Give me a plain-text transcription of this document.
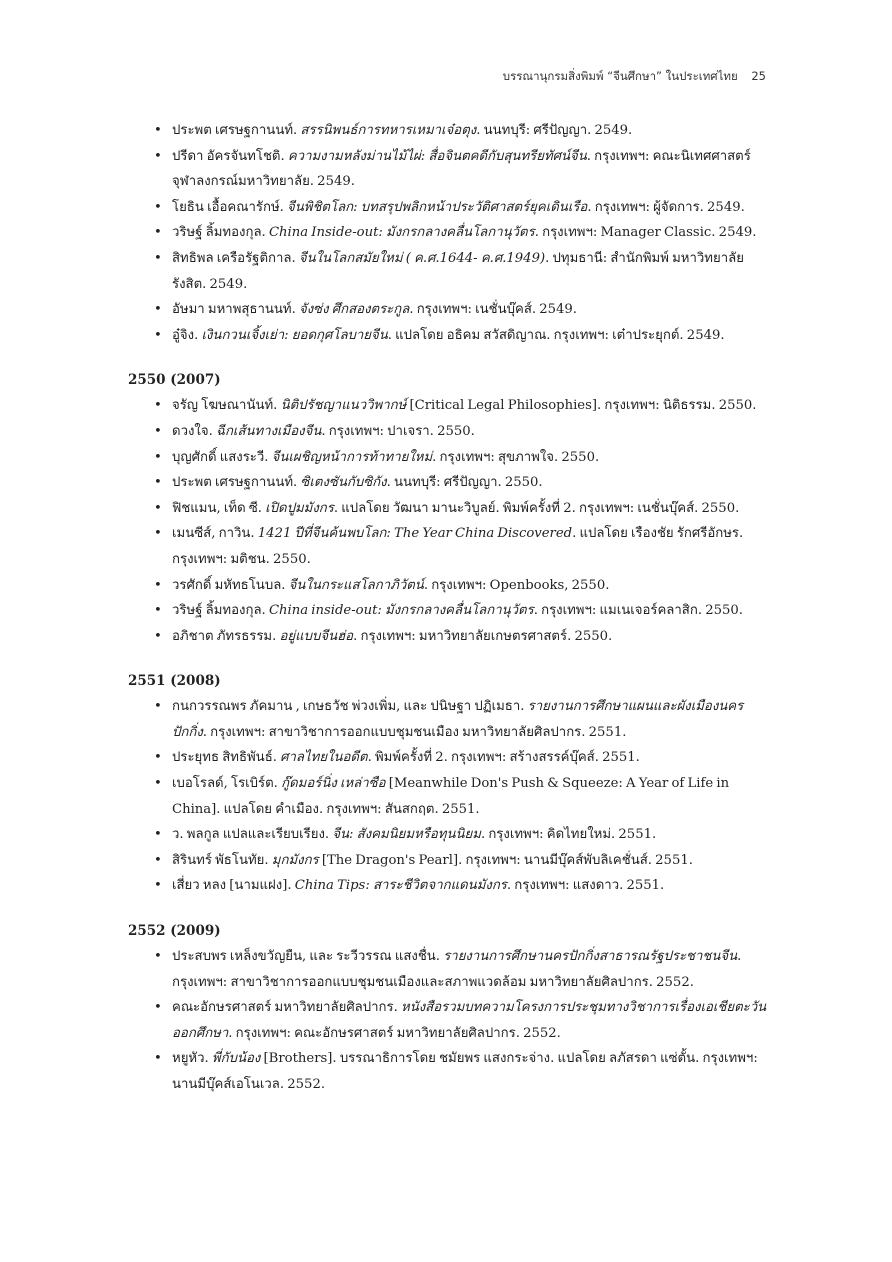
บรรณานุกรมสิ่งพิมพ์ “จีนศึกษา” ในประเทศไทย 25
• ประพต เศรษฐกานนท์. สรรนิพนธ์การทหารเหมาเจ๋อตุง. นนทบุรี: ศรีปัญญา. 2549.
• ปรีดา อัครจันทโชติ. ความงามหลังม่านไม้ไผ่: สื่อจินตคดีกับสุนทรียทัศน์จีน. กรุงเทพฯ: คณะนิเทศศาสตร์ จุฬาลงกรณ์มหาวิทยาลัย. 2549.
• โยธิน เอื้อคณารักษ์. จีนพิชิตโลก: บทสรุปพลิกหน้าประวัติศาสตร์ยุคเดินเรือ. กรุงเทพฯ: ผู้จัดการ. 2549.
• วริษฐ์ ลิ้มทองกุล. China Inside-out: มังกรกลางคลื่นโลกานุวัตร. กรุงเทพฯ: Manager Classic. 2549.
• สิทธิพล เครือรัฐติกาล. จีนในโลกสมัยใหม่ ( ค.ศ.1644- ค.ศ.1949). ปทุมธานี: สำนักพิมพ์ มหาวิทยาลัยรังสิต. 2549.
• อัษมา มหาพสุธานนท์. จังซ่ง ศึกสองตระกูล. กรุงเทพฯ: เนชั่นบุ๊คส์. 2549.
• อู๋จิง. เงินกวนเจิ้งเย่า: ยอดกุศโลบายจีน. แปลโดย อธิคม สวัสดิญาณ. กรุงเทพฯ: เต๋าประยุกต์. 2549.
2550 (2007)
• จรัญ โฆษณานันท์. นิติปรัชญาแนววิพากษ์ [Critical Legal Philosophies]. กรุงเทพฯ: นิติธรรม. 2550.
• ดวงใจ. ฉีกเส้นทางเมืองจีน. กรุงเทพฯ: ปาเจรา. 2550.
• บุญศักดิ์ แสงระวี. จีนเผชิญหน้าการท้าทายใหม่. กรุงเทพฯ: สุขภาพใจ. 2550.
• ประพต เศรษฐกานนท์. ซิเตงซันกับซิกัง. นนทบุรี: ศรีปัญญา. 2550.
• ฟิชแมน, เท็ด ซี. เปิดปูมมังกร. แปลโดย วัฒนา มานะวิบูลย์. พิมพ์ครั้งที่ 2. กรุงเทพฯ: เนชั่นบุ๊คส์. 2550.
• เมนซีส์, กาวิน. 1421 ปีที่จีนค้นพบโลก: The Year China Discovered. แปลโดย เรืองชัย รักศรีอักษร. กรุงเทพฯ: มติชน. 2550.
• วรศักดิ์ มหัทธโนบล. จีนในกระแสโลกาภิวัตน์. กรุงเทพฯ: Openbooks, 2550.
• วริษฐ์ ลิ้มทองกุล. China inside-out: มังกรกลางคลื่นโลกานุวัตร. กรุงเทพฯ: แมเนเจอร์คลาสิก. 2550.
• อภิชาต ภัทรธรรม. อยู่แบบจีนฮ่อ. กรุงเทพฯ: มหาวิทยาลัยเกษตรศาสตร์. 2550.
2551 (2008)
• กนกวรรณพร ภัคมาน , เกษธวัช พ่วงเพิ่ม, และ ปนิษฐา ปฏิเมธา. รายงานการศึกษาแผนและผังเมืองนครปักกิ่ง. กรุงเทพฯ: สาขาวิชาการออกแบบชุมชนเมือง มหาวิทยาลัยศิลปากร. 2551.
• ประยุทธ สิทธิพันธ์. ศาลไทยในอดีต. พิมพ์ครั้งที่ 2. กรุงเทพฯ: สร้างสรรค์บุ๊คส์. 2551.
• เบอโรลด์, โรเบิร์ต. กู๊ดมอร์นิ่ง เหล่าซือ [Meanwhile Don's Push & Squeeze: A Year of Life in China]. แปลโดย คำเมือง. กรุงเทพฯ: สันสกฤต. 2551.
• ว. พลกูล แปลและเรียบเรียง. จีน: สังคมนิยมหรือทุนนิยม. กรุงเทพฯ: คิดไทยใหม่. 2551.
• สิรินทร์ พัธโนทัย. มุกมังกร [The Dragon's Pearl]. กรุงเทพฯ: นานมีบุ๊คส์พับลิเคชั่นส์. 2551.
• เสี่ยว หลง [นามแฝง]. China Tips: สาระชีวิตจากแดนมังกร. กรุงเทพฯ: แสงดาว. 2551.
2552 (2009)
• ประสบพร เหล็งขวัญยืน, และ ระวีวรรณ แสงชื่น. รายงานการศึกษานครปักกิ่งสาธารณรัฐประชาชนจีน. กรุงเทพฯ: สาขาวิชาการออกแบบชุมชนเมืองและสภาพแวดล้อม มหาวิทยาลัยศิลปากร. 2552.
• คณะอักษรศาสตร์ มหาวิทยาลัยศิลปากร. หนังสือรวมบทความโครงการประชุมทางวิชาการเรื่องเอเชียตะวันออกศึกษา. กรุงเทพฯ: คณะอักษรศาสตร์ มหาวิทยาลัยศิลปากร. 2552.
• หยูหัว. พี่กับน้อง [Brothers]. บรรณาธิการโดย ชมัยพร แสงกระจ่าง. แปลโดย ลภัสรดา แซ่ตั้น. กรุงเทพฯ: นานมีบุ๊คส์เอโนเวล. 2552.
